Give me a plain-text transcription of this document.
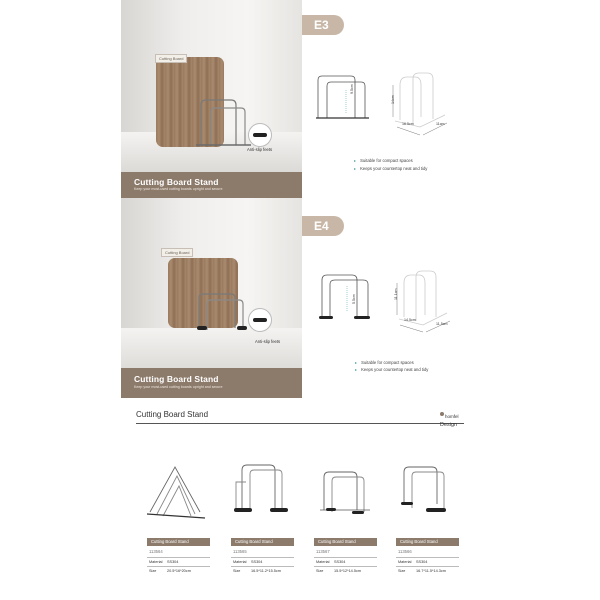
Cutting Board
Anti-slip feets
Cutting Board Stand
Keep your most-used cutting boards upright and secure
E3
9.5cm
14cm
16.5cm	11cm
▸ Suitable for compact spaces
▸ Keeps your countertop neat and tidy
Cutting Board
Anti-slip feets
Cutting Board Stand
Keep your most-used cutting boards upright and secure
E4
5.5cm	11.1cm
14.5cm
11.5cm
▸ Suitable for compact spaces
▸ Keeps your countertop neat and tidy
Cutting Board Stand	homfel
Design
Cutting Board Stand
113564
Material SS304
Size	20.5*16*20cm
Cutting Board Stand
113565
Material SS304
Size	16.5*11.2*15.5cm
Cutting Board Stand
113567
Material SS304
Size	15.5*12*14.5cm
Cutting Board Stand
113566
Material SS304
Size	16.7*11.5*14.3cm
